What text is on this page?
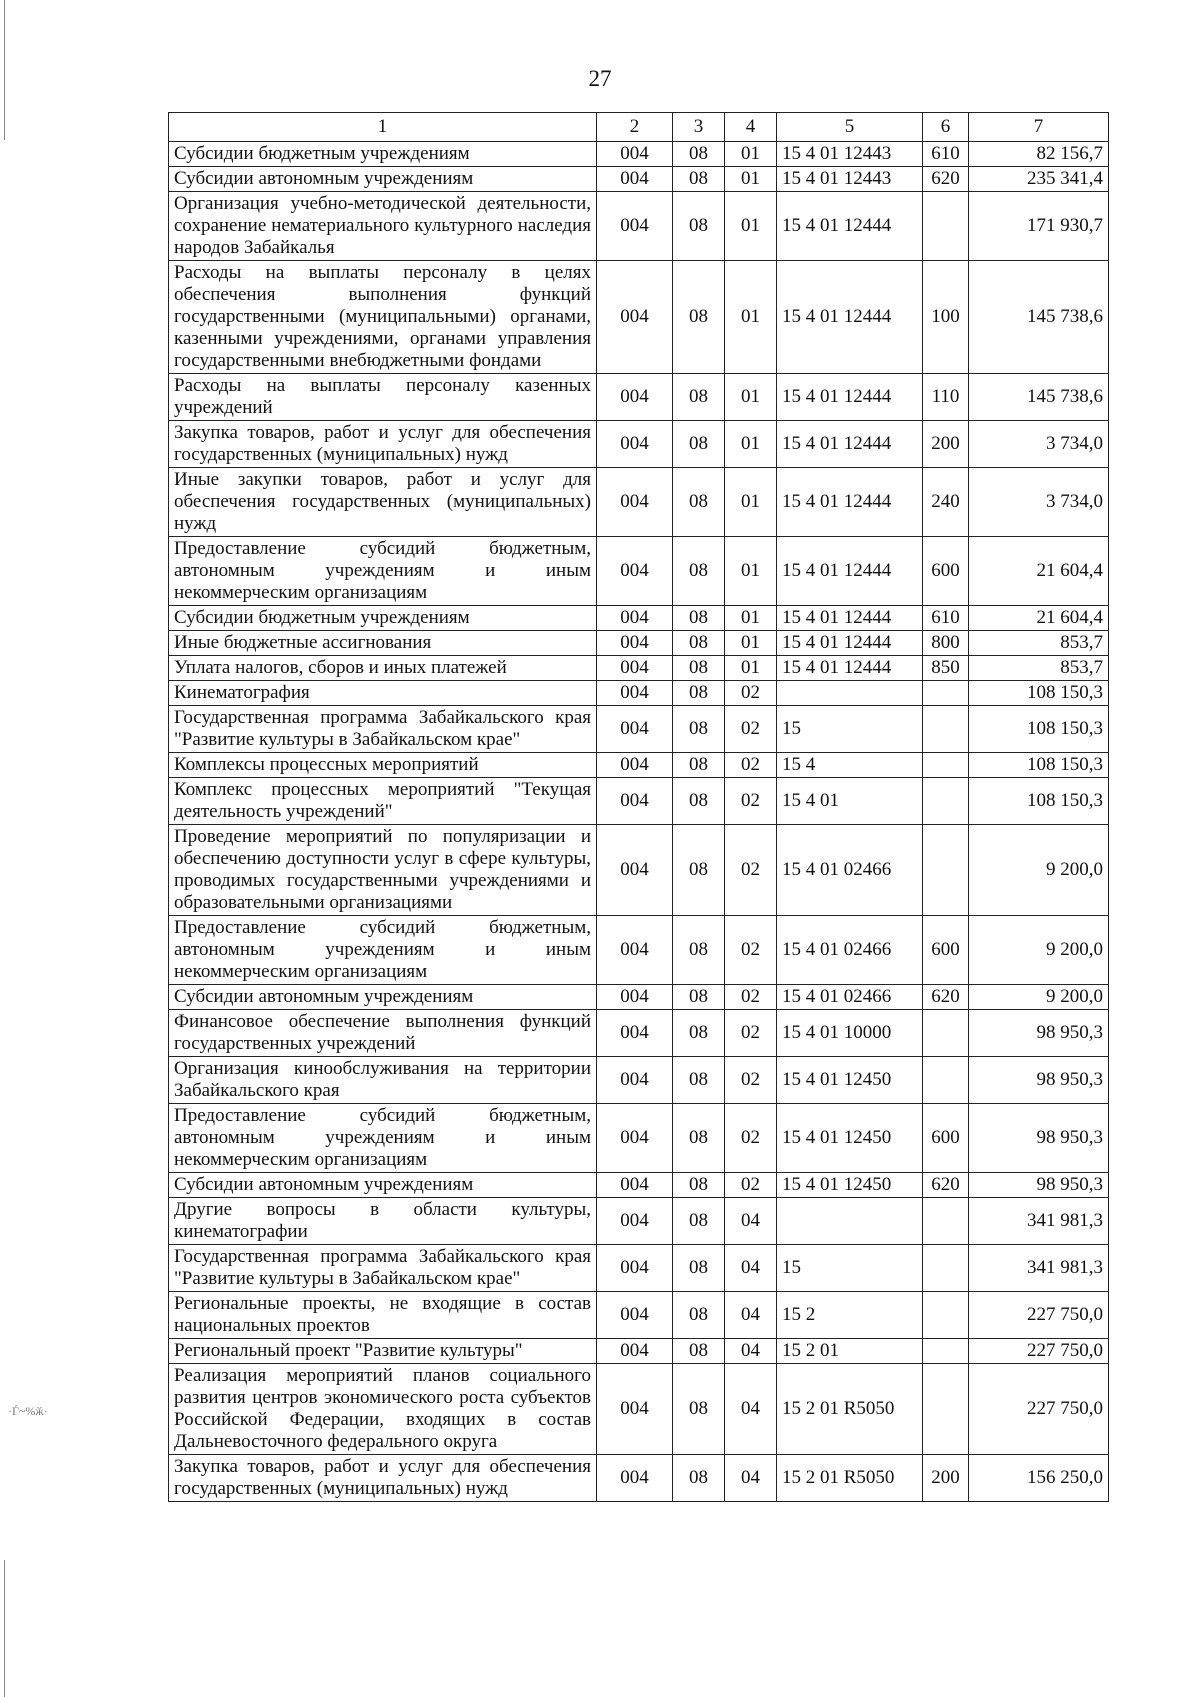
27
1	2	3	4	5	6	7
Субсидии бюджетным учреждениям	004	08	01	15 4 01 12443	610	82 156,7
Субсидии автономным учреждениям	004	08	01	15 4 01 12443	620	235 341,4
Организация учебно-методической деятельности, сохранение нематериального культурного наследия народов Забайкалья	004	08	01	15 4 01 12444		171 930,7
Расходы на выплаты персоналу в целях обеспечения выполнения функций государственными (муниципальными) органами, казенными учреждениями, органами управления государственными внебюджетными фондами	004	08	01	15 4 01 12444	100	145 738,6
Расходы на выплаты персоналу казенных учреждений	004	08	01	15 4 01 12444	110	145 738,6
Закупка товаров, работ и услуг для обеспечения государственных (муниципальных) нужд	004	08	01	15 4 01 12444	200	3 734,0
Иные закупки товаров, работ и услуг для обеспечения государственных (муниципальных) нужд	004	08	01	15 4 01 12444	240	3 734,0
Предоставление субсидий бюджетным, автономным учреждениям и иным некоммерческим организациям	004	08	01	15 4 01 12444	600	21 604,4
Субсидии бюджетным учреждениям	004	08	01	15 4 01 12444	610	21 604,4
Иные бюджетные ассигнования	004	08	01	15 4 01 12444	800	853,7
Уплата налогов, сборов и иных платежей	004	08	01	15 4 01 12444	850	853,7
Кинематография	004	08	02			108 150,3
Государственная программа Забайкальского края "Развитие культуры в Забайкальском крае"	004	08	02	15		108 150,3
Комплексы процессных мероприятий	004	08	02	15 4		108 150,3
Комплекс процессных мероприятий "Текущая деятельность учреждений"	004	08	02	15 4 01		108 150,3
Проведение мероприятий по популяризации и обеспечению доступности услуг в сфере культуры, проводимых государственными учреждениями и образовательными организациями	004	08	02	15 4 01 02466		9 200,0
Предоставление субсидий бюджетным, автономным учреждениям и иным некоммерческим организациям	004	08	02	15 4 01 02466	600	9 200,0
Субсидии автономным учреждениям	004	08	02	15 4 01 02466	620	9 200,0
Финансовое обеспечение выполнения функций государственных учреждений	004	08	02	15 4 01 10000		98 950,3
Организация кинообслуживания на территории Забайкальского края	004	08	02	15 4 01 12450		98 950,3
Предоставление субсидий бюджетным, автономным учреждениям и иным некоммерческим организациям	004	08	02	15 4 01 12450	600	98 950,3
Субсидии автономным учреждениям	004	08	02	15 4 01 12450	620	98 950,3
Другие вопросы в области культуры, кинематографии	004	08	04			341 981,3
Государственная программа Забайкальского края "Развитие культуры в Забайкальском крае"	004	08	04	15		341 981,3
Региональные проекты, не входящие в состав национальных проектов	004	08	04	15 2		227 750,0
Региональный проект "Развитие культуры"	004	08	04	15 2 01		227 750,0
Реализация мероприятий планов социального развития центров экономического роста субъектов Российской Федерации, входящих в состав Дальневосточного федерального округа	004	08	04	15 2 01 R5050		227 750,0
Закупка товаров, работ и услуг для обеспечения государственных (муниципальных) нужд	004	08	04	15 2 01 R5050	200	156 250,0
·Ѓ~%ӂ·
